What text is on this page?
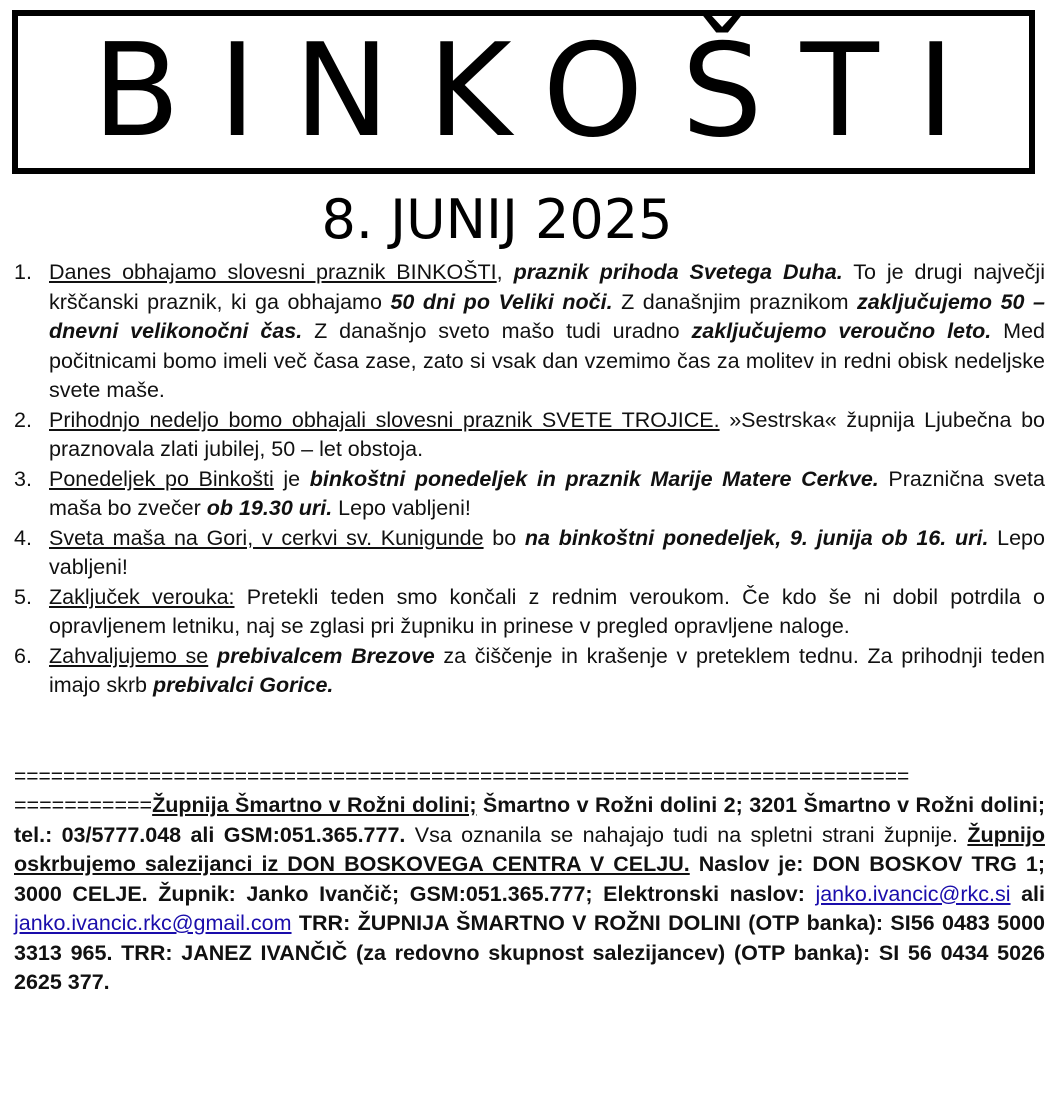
BINKOŠTI
8. JUNIJ 2025
1. Danes obhajamo slovesni praznik BINKOŠTI, praznik prihoda Svetega Duha. To je drugi največji krščanski praznik, ki ga obhajamo 50 dni po Veliki noči. Z današnjim praznikom zaključujemo 50 – dnevni velikonočni čas. Z današnjo sveto mašo tudi uradno zaključujemo veroučno leto. Med počitnicami bomo imeli več časa zase, zato si vsak dan vzemimo čas za molitev in redni obisk nedeljske svete maše.
2. Prihodnjo nedeljo bomo obhajali slovesni praznik SVETE TROJICE. »Sestrska« župnija Ljubečna bo praznovala zlati jubilej, 50 – let obstoja.
3. Ponedeljek po Binkošti je binkoštni ponedeljek in praznik Marije Matere Cerkve. Praznična sveta maša bo zvečer ob 19.30 uri. Lepo vabljeni!
4. Sveta maša na Gori, v cerkvi sv. Kunigunde bo na binkoštni ponedeljek, 9. junija ob 16. uri. Lepo vabljeni!
5. Zaključek verouka: Pretekli teden smo končali z rednim veroukom. Če kdo še ni dobil potrdila o opravljenem letniku, naj se zglasi pri župniku in prinese v pregled opravljene naloge.
6. Zahvaljujemo se prebivalcem Brezove za čiščenje in krašenje v preteklem tednu. Za prihodnji teden imajo skrb prebivalci Gorice.
=========================================================================

===========Župnija Šmartno v Rožni dolini; Šmartno v Rožni dolini 2; 3201 Šmartno v Rožni dolini; tel.: 03/5777.048 ali GSM:051.365.777. Vsa oznanila se nahajajo tudi na spletni strani župnije. Župnijo oskrbujemo salezijanci iz DON BOSKOVEGA CENTRA V CELJU. Naslov je: DON BOSKOV TRG 1; 3000 CELJE. Župnik: Janko Ivančič; GSM:051.365.777; Elektronski naslov: janko.ivancic@rkc.si ali janko.ivancic.rkc@gmail.com TRR: ŽUPNIJA ŠMARTNO V ROŽNI DOLINI (OTP banka): SI56 0483 5000 3313 965. TRR: JANEZ IVANČIČ (za redovno skupnost salezijancev) (OTP banka): SI 56 0434 5026 2625 377.
